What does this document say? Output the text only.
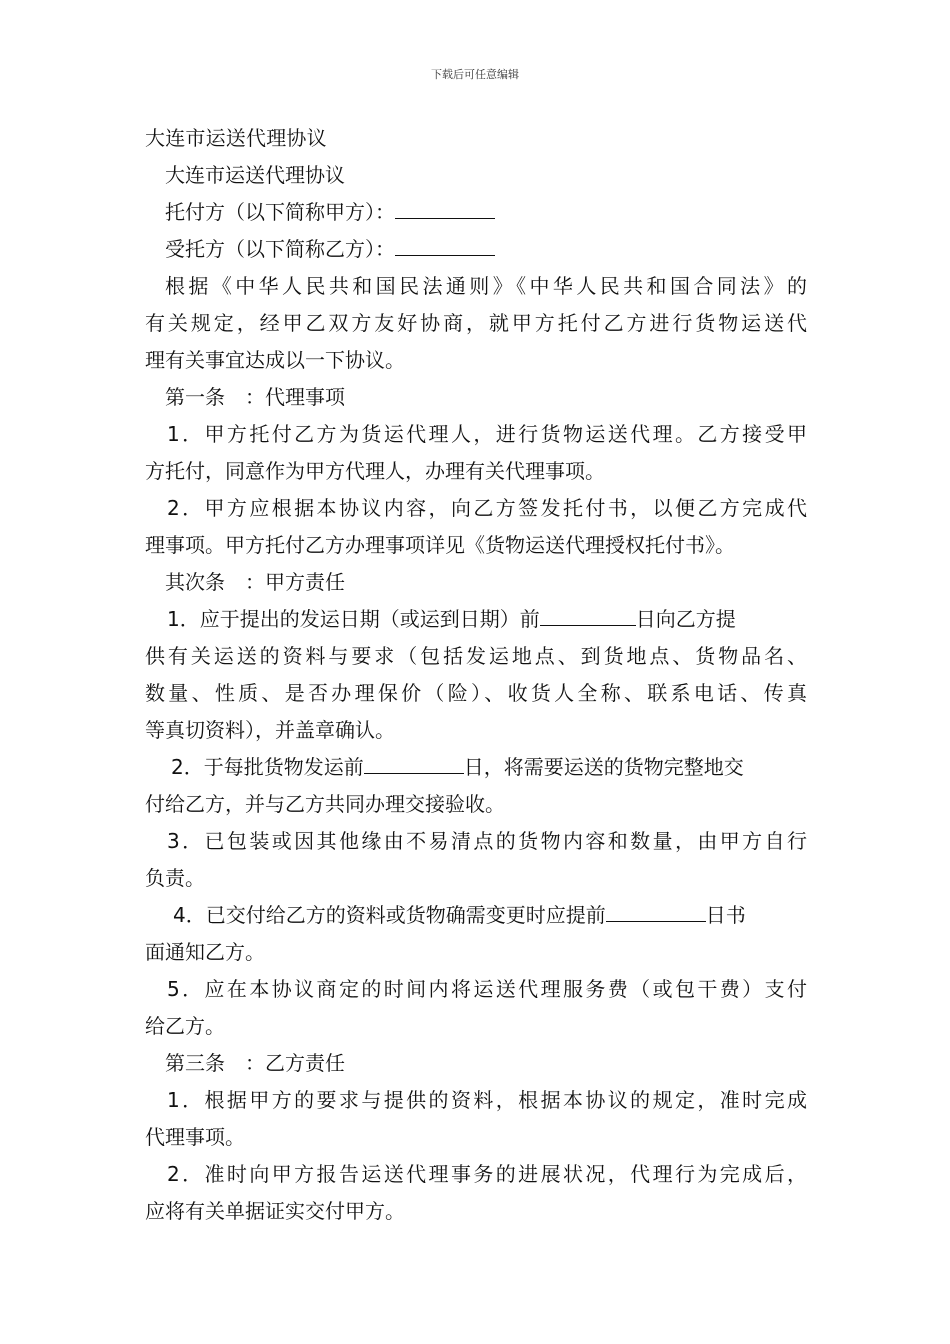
下载后可任意编辑
大连市运送代理协议
大连市运送代理协议
托付方（以下简称甲方）：
受托方（以下简称乙方）：
根据《中华人民共和国民法通则》《中华人民共和国合同法》的
有关规定，经甲乙双方友好协商，就甲方托付乙方进行货物运送代
理有关事宜达成以一下协议。
第一条　：代理事项
1．甲方托付乙方为货运代理人，进行货物运送代理。乙方接受甲
方托付，同意作为甲方代理人，办理有关代理事项。
2．甲方应根据本协议内容，向乙方签发托付书，以便乙方完成代
理事项。甲方托付乙方办理事项详见《货物运送代理授权托付书》。
其次条　：甲方责任
1．应于提出的发运日期（或运到日期）前	日向乙方提
供有关运送的资料与要求（包括发运地点、到货地点、货物品名、
数量、性质、是否办理保价（险）、收货人全称、联系电话、传真
等真切资料），并盖章确认。
2．于每批货物发运前	日，将需要运送的货物完整地交
付给乙方，并与乙方共同办理交接验收。
3．已包装或因其他缘由不易清点的货物内容和数量，由甲方自行
负责。
4．已交付给乙方的资料或货物确需变更时应提前	日书
面通知乙方。
5．应在本协议商定的时间内将运送代理服务费（或包干费）支付
给乙方。
第三条　：乙方责任
1．根据甲方的要求与提供的资料，根据本协议的规定，准时完成
代理事项。
2．准时向甲方报告运送代理事务的进展状况，代理行为完成后，
应将有关单据证实交付甲方。
